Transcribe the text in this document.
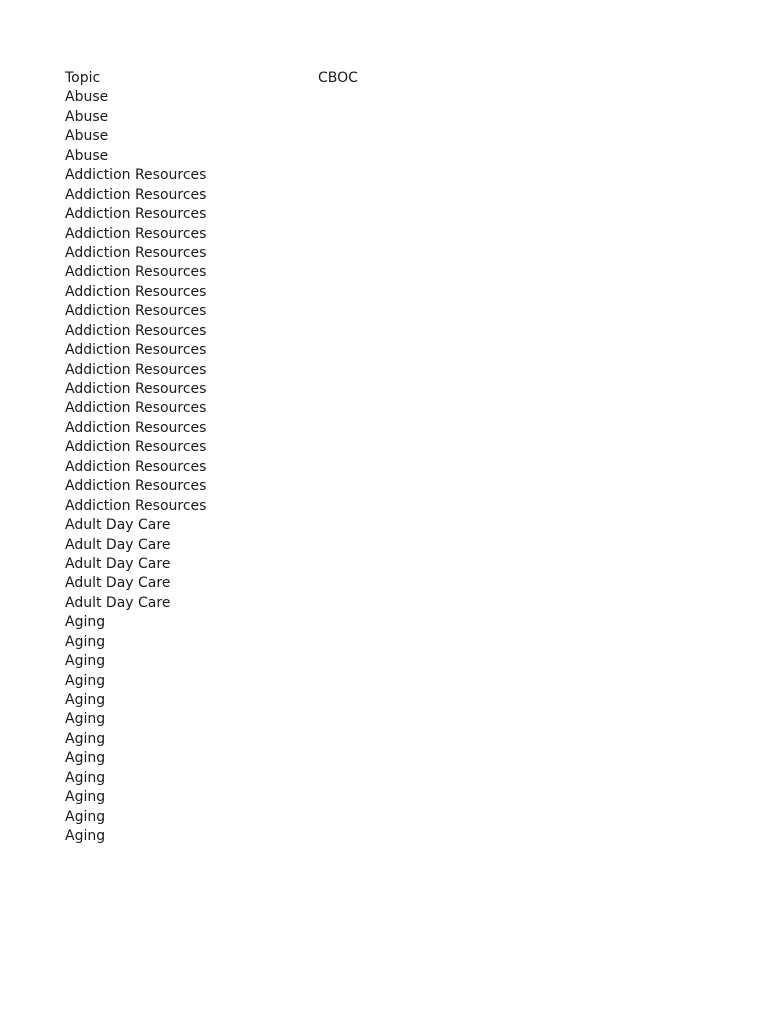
Topic	CBOC
Abuse
Abuse
Abuse
Abuse
Addiction Resources
Addiction Resources
Addiction Resources
Addiction Resources
Addiction Resources
Addiction Resources
Addiction Resources
Addiction Resources
Addiction Resources
Addiction Resources
Addiction Resources
Addiction Resources
Addiction Resources
Addiction Resources
Addiction Resources
Addiction Resources
Addiction Resources
Addiction Resources
Adult Day Care
Adult Day Care
Adult Day Care
Adult Day Care
Adult Day Care
Aging
Aging
Aging
Aging
Aging
Aging
Aging
Aging
Aging
Aging
Aging
Aging
